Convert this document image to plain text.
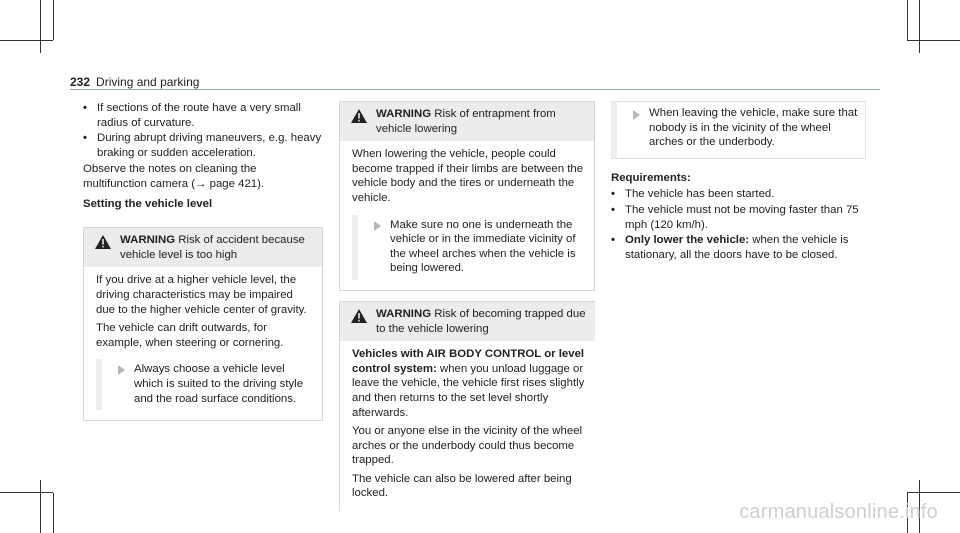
232 Driving and parking
• If sections of the route have a very small radius of curvature.
• During abrupt driving maneuvers, e.g. heavy braking or sudden acceleration.

Observe the notes on cleaning the multifunction camera (→ page 421).

Setting the vehicle level

WARNING Risk of accident because vehicle level is too high

If you drive at a higher vehicle level, the driving characteristics may be impaired due to the higher vehicle center of gravity.

The vehicle can drift outwards, for example, when steering or cornering.

Always choose a vehicle level which is suited to the driving style and the road surface conditions.
WARNING Risk of entrapment from vehicle lowering

When lowering the vehicle, people could become trapped if their limbs are between the vehicle body and the tires or underneath the vehicle.

Make sure no one is underneath the vehicle or in the immediate vicinity of the wheel arches when the vehicle is being lowered.
WARNING Risk of becoming trapped due to the vehicle lowering

Vehicles with AIR BODY CONTROL or level control system: when you unload luggage or leave the vehicle, the vehicle first rises slightly and then returns to the set level shortly afterwards.

You or anyone else in the vicinity of the wheel arches or the underbody could thus become trapped.

The vehicle can also be lowered after being locked.

When leaving the vehicle, make sure that nobody is in the vicinity of the wheel arches or the underbody.

Requirements:

• The vehicle has been started.
• The vehicle must not be moving faster than 75 mph (120 km/h).
• Only lower the vehicle: when the vehicle is stationary, all the doors have to be closed.
carmanualsonline.info
